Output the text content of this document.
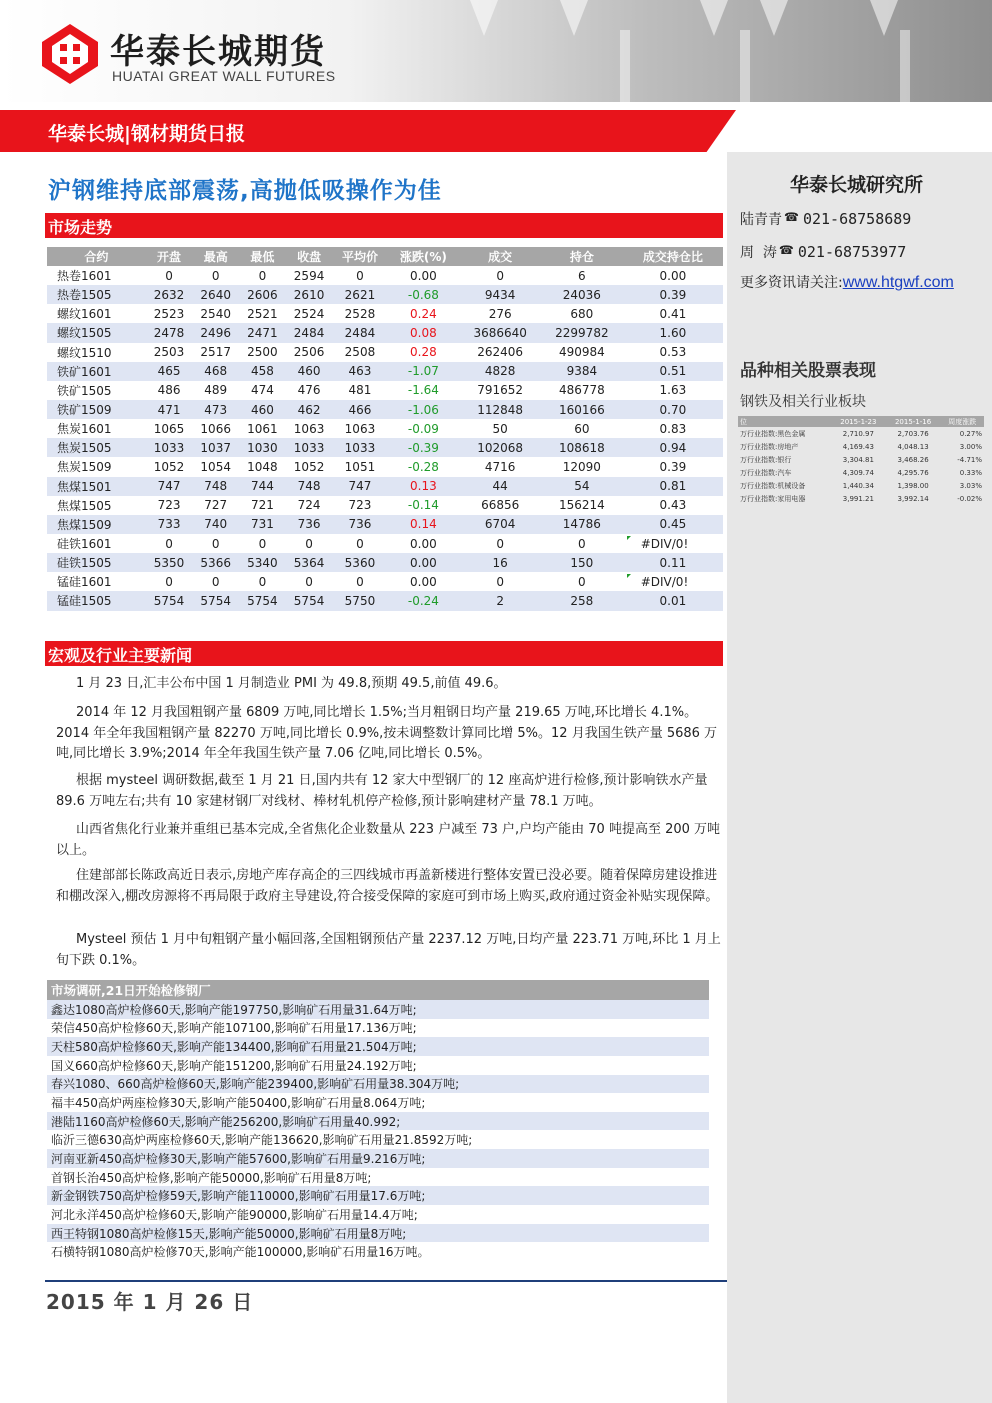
华泰长城期货
HUATAI GREAT WALL FUTURES
华泰长城|钢材期货日报	2015-01-26
华泰长城研究所
陆青青 ☎ 021-68758689
周  涛 ☎ 021-68753977
更多资讯请关注:www.htgwf.com
品种相关股票表现
钢铁及相关行业板块
位	2015-1-23	2015-1-16	周度涨跌
万行业指数:黑色金属	2,710.97	2,703.76	0.27%
万行业指数:房地产	4,169.43	4,048.13	3.00%
万行业指数:银行	3,304.81	3,468.26	-4.71%
万行业指数:汽车	4,309.74	4,295.76	0.33%
万行业指数:机械设备	1,440.34	1,398.00	3.03%
万行业指数:家用电器	3,991.21	3,992.14	-0.02%
沪钢维持底部震荡,高抛低吸操作为佳
市场走势
合约	开盘	最高	最低	收盘	平均价	涨跌(%)	成交	持仓	成交持仓比
热卷1601	0	0	0	2594	0	0.00	0	6	0.00
热卷1505	2632	2640	2606	2610	2621	-0.68	9434	24036	0.39
螺纹1601	2523	2540	2521	2524	2528	0.24	276	680	0.41
螺纹1505	2478	2496	2471	2484	2484	0.08	3686640	2299782	1.60
螺纹1510	2503	2517	2500	2506	2508	0.28	262406	490984	0.53
铁矿1601	465	468	458	460	463	-1.07	4828	9384	0.51
铁矿1505	486	489	474	476	481	-1.64	791652	486778	1.63
铁矿1509	471	473	460	462	466	-1.06	112848	160166	0.70
焦炭1601	1065	1066	1061	1063	1063	-0.09	50	60	0.83
焦炭1505	1033	1037	1030	1033	1033	-0.39	102068	108618	0.94
焦炭1509	1052	1054	1048	1052	1051	-0.28	4716	12090	0.39
焦煤1501	747	748	744	748	747	0.13	44	54	0.81
焦煤1505	723	727	721	724	723	-0.14	66856	156214	0.43
焦煤1509	733	740	731	736	736	0.14	6704	14786	0.45
硅铁1601	0	0	0	0	0	0.00	0	0	#DIV/0!
硅铁1505	5350	5366	5340	5364	5360	0.00	16	150	0.11
锰硅1601	0	0	0	0	0	0.00	0	0	#DIV/0!
锰硅1505	5754	5754	5754	5754	5750	-0.24	2	258	0.01
宏观及行业主要新闻

1 月 23 日,汇丰公布中国 1 月制造业 PMI 为 49.8,预期 49.5,前值 49.6。

2014 年 12 月我国粗钢产量 6809 万吨,同比增长 1.5%;当月粗钢日均产量 219.65 万吨,环比增长 4.1%。2014 年全年我国粗钢产量 82270 万吨,同比增长 0.9%,按未调整数计算同比增 5%。12 月我国生铁产量 5686 万吨,同比增长 3.9%;2014 年全年我国生铁产量 7.06 亿吨,同比增长 0.5%。

根据 mysteel 调研数据,截至 1 月 21 日,国内共有 12 家大中型钢厂的 12 座高炉进行检修,预计影响铁水产量 89.6 万吨左右;共有 10 家建材钢厂对线材、棒材轧机停产检修,预计影响建材产量 78.1 万吨。

山西省焦化行业兼并重组已基本完成,全省焦化企业数量从 223 户减至 73 户,户均产能由 70 吨提高至 200 万吨以上。

住建部部长陈政高近日表示,房地产库存高企的三四线城市再盖新楼进行整体安置已没必要。随着保障房建设推进和棚改深入,棚改房源将不再局限于政府主导建设,符合接受保障的家庭可到市场上购买,政府通过资金补贴实现保障。

Mysteel 预估 1 月中旬粗钢产量小幅回落,全国粗钢预估产量 2237.12 万吨,日均产量 223.71 万吨,环比 1 月上旬下跌 0.1%。

市场调研,21日开始检修钢厂
鑫达1080高炉检修60天,影响产能197750,影响矿石用量31.64万吨;
荣信450高炉检修60天,影响产能107100,影响矿石用量17.136万吨;
天柱580高炉检修60天,影响产能134400,影响矿石用量21.504万吨;
国义660高炉检修60天,影响产能151200,影响矿石用量24.192万吨;
春兴1080、660高炉检修60天,影响产能239400,影响矿石用量38.304万吨;
福丰450高炉两座检修30天,影响产能50400,影响矿石用量8.064万吨;
港陆1160高炉检修60天,影响产能256200,影响矿石用量40.992;
临沂三德630高炉两座检修60天,影响产能136620,影响矿石用量21.8592万吨;
河南亚新450高炉检修30天,影响产能57600,影响矿石用量9.216万吨;
首钢长治450高炉检修,影响产能50000,影响矿石用量8万吨;
新金钢铁750高炉检修59天,影响产能110000,影响矿石用量17.6万吨;
河北永洋450高炉检修60天,影响产能90000,影响矿石用量14.4万吨;
西王特钢1080高炉检修15天,影响产能50000,影响矿石用量8万吨;
石横特钢1080高炉检修70天,影响产能100000,影响矿石用量16万吨。
2015 年 1 月 26 日
